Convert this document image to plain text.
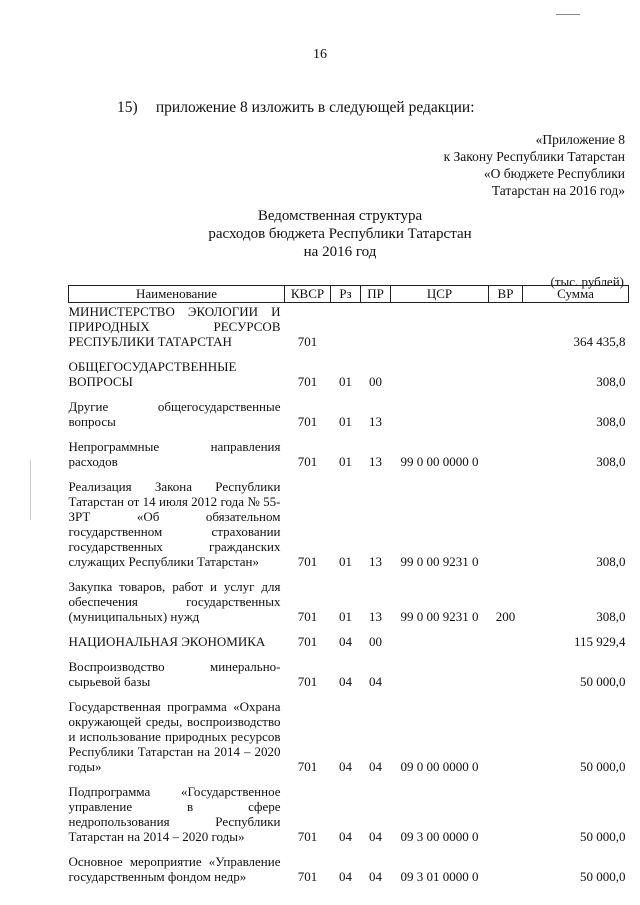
16
15) приложение 8 изложить в следующей редакции:
«Приложение 8
к Закону Республики Татарстан
«О бюджете Республики
Татарстан на 2016 год»
Ведомственная структура
расходов бюджета Республики Татарстан
на 2016 год
(тыс. рублей)
Наименование	КВСР	Рз	ПР	ЦСР	ВР	Сумма
МИНИСТЕРСТВО ЭКОЛОГИИ И ПРИРОДНЫХ РЕСУРСОВ РЕСПУБЛИКИ ТАТАРСТАН	701					364 435,8
ОБЩЕГОСУДАРСТВЕННЫЕ ВОПРОСЫ	701	01	00			308,0
Другие общегосударственные вопросы	701	01	13			308,0
Непрограммные направления расходов	701	01	13	99 0 00 0000 0		308,0
Реализация Закона Республики Татарстан от 14 июля 2012 года № 55-ЗРТ «Об обязательном государственном страховании государственных гражданских служащих Республики Татарстан»	701	01	13	99 0 00 9231 0		308,0
Закупка товаров, работ и услуг для обеспечения государственных (муниципальных) нужд	701	01	13	99 0 00 9231 0	200	308,0
НАЦИОНАЛЬНАЯ ЭКОНОМИКА	701	04	00			115 929,4
Воспроизводство минерально-сырьевой базы	701	04	04			50 000,0
Государственная программа «Охрана окружающей среды, воспроизводство и использование природных ресурсов Республики Татарстан на 2014 – 2020 годы»	701	04	04	09 0 00 0000 0		50 000,0
Подпрограмма «Государственное управление в сфере недропользования Республики Татарстан на 2014 – 2020 годы»	701	04	04	09 3 00 0000 0		50 000,0
Основное мероприятие «Управление государственным фондом недр»	701	04	04	09 3 01 0000 0		50 000,0
